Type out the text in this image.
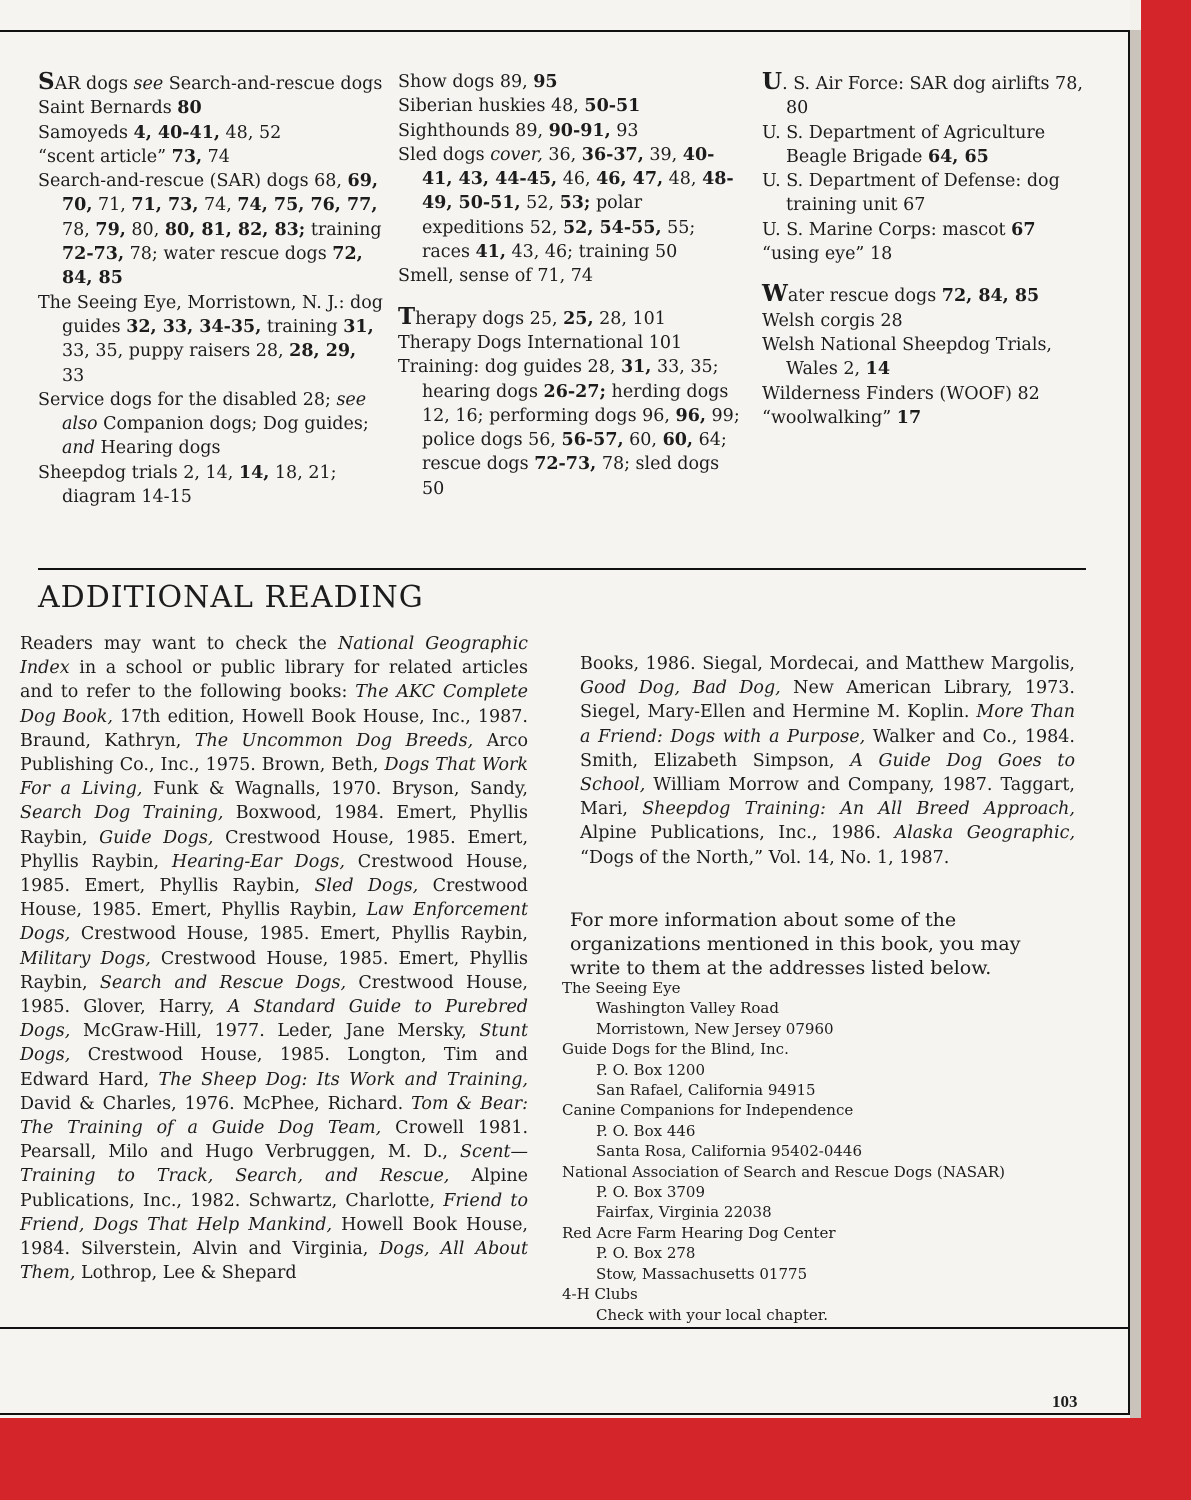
SAR dogs see Search-and-rescue dogs
Saint Bernards 80
Samoyeds 4, 40-41, 48, 52
“scent article” 73, 74
Search-and-rescue (SAR) dogs 68, 69, 70, 71, 71, 73, 74, 74, 75, 76, 77, 78, 79, 80, 80, 81, 82, 83; training 72-73, 78; water rescue dogs 72, 84, 85
The Seeing Eye, Morristown, N. J.: dog guides 32, 33, 34-35, training 31, 33, 35, puppy raisers 28, 28, 29, 33
Service dogs for the disabled 28; see also Companion dogs; Dog guides; and Hearing dogs
Sheepdog trials 2, 14, 14, 18, 21; diagram 14-15
Show dogs 89, 95
Siberian huskies 48, 50-51
Sighthounds 89, 90-91, 93
Sled dogs cover, 36, 36-37, 39, 40-41, 43, 44-45, 46, 46, 47, 48, 48-49, 50-51, 52, 53; polar expeditions 52, 52, 54-55, 55; races 41, 43, 46; training 50
Smell, sense of 71, 74
Therapy dogs 25, 25, 28, 101
Therapy Dogs International 101
Training: dog guides 28, 31, 33, 35; hearing dogs 26-27; herding dogs 12, 16; performing dogs 96, 96, 99; police dogs 56, 56-57, 60, 60, 64; rescue dogs 72-73, 78; sled dogs 50
U. S. Air Force: SAR dog airlifts 78, 80
U. S. Department of Agriculture Beagle Brigade 64, 65
U. S. Department of Defense: dog training unit 67
U. S. Marine Corps: mascot 67
“using eye” 18
Water rescue dogs 72, 84, 85
Welsh corgis 28
Welsh National Sheepdog Trials, Wales 2, 14
Wilderness Finders (WOOF) 82
“woolwalking” 17
ADDITIONAL READING
Readers may want to check the National Geographic Index in a school or public library for related articles and to refer to the following books: The AKC Complete Dog Book, 17th edition, Howell Book House, Inc., 1987. Braund, Kathryn, The Uncommon Dog Breeds, Arco Publishing Co., Inc., 1975. Brown, Beth, Dogs That Work For a Living, Funk & Wagnalls, 1970. Bryson, Sandy, Search Dog Training, Boxwood, 1984. Emert, Phyllis Raybin, Guide Dogs, Crestwood House, 1985. Emert, Phyllis Raybin, Hearing-Ear Dogs, Crestwood House, 1985. Emert, Phyllis Raybin, Sled Dogs, Crestwood House, 1985. Emert, Phyllis Raybin, Law Enforcement Dogs, Crestwood House, 1985. Emert, Phyllis Raybin, Military Dogs, Crestwood House, 1985. Emert, Phyllis Raybin, Search and Rescue Dogs, Crestwood House, 1985. Glover, Harry, A Standard Guide to Purebred Dogs, McGraw-Hill, 1977. Leder, Jane Mersky, Stunt Dogs, Crestwood House, 1985. Longton, Tim and Edward Hard, The Sheep Dog: Its Work and Training, David & Charles, 1976. McPhee, Richard. Tom & Bear: The Training of a Guide Dog Team, Crowell 1981. Pearsall, Milo and Hugo Verbruggen, M. D., Scent—Training to Track, Search, and Rescue, Alpine Publications, Inc., 1982. Schwartz, Charlotte, Friend to Friend, Dogs That Help Mankind, Howell Book House, 1984. Silverstein, Alvin and Virginia, Dogs, All About Them, Lothrop, Lee & Shepard
Books, 1986. Siegal, Mordecai, and Matthew Margolis, Good Dog, Bad Dog, New American Library, 1973. Siegel, Mary-Ellen and Hermine M. Koplin. More Than a Friend: Dogs with a Purpose, Walker and Co., 1984. Smith, Elizabeth Simpson, A Guide Dog Goes to School, William Morrow and Company, 1987. Taggart, Mari, Sheepdog Training: An All Breed Approach, Alpine Publications, Inc., 1986. Alaska Geographic, “Dogs of the North,” Vol. 14, No. 1, 1987.
For more information about some of the organizations mentioned in this book, you may write to them at the addresses listed below.
The Seeing Eye
Washington Valley Road
Morristown, New Jersey 07960
Guide Dogs for the Blind, Inc.
P. O. Box 1200
San Rafael, California 94915
Canine Companions for Independence
P. O. Box 446
Santa Rosa, California 95402-0446
National Association of Search and Rescue Dogs (NASAR)
P. O. Box 3709
Fairfax, Virginia 22038
Red Acre Farm Hearing Dog Center
P. O. Box 278
Stow, Massachusetts 01775
4-H Clubs
Check with your local chapter.
103
